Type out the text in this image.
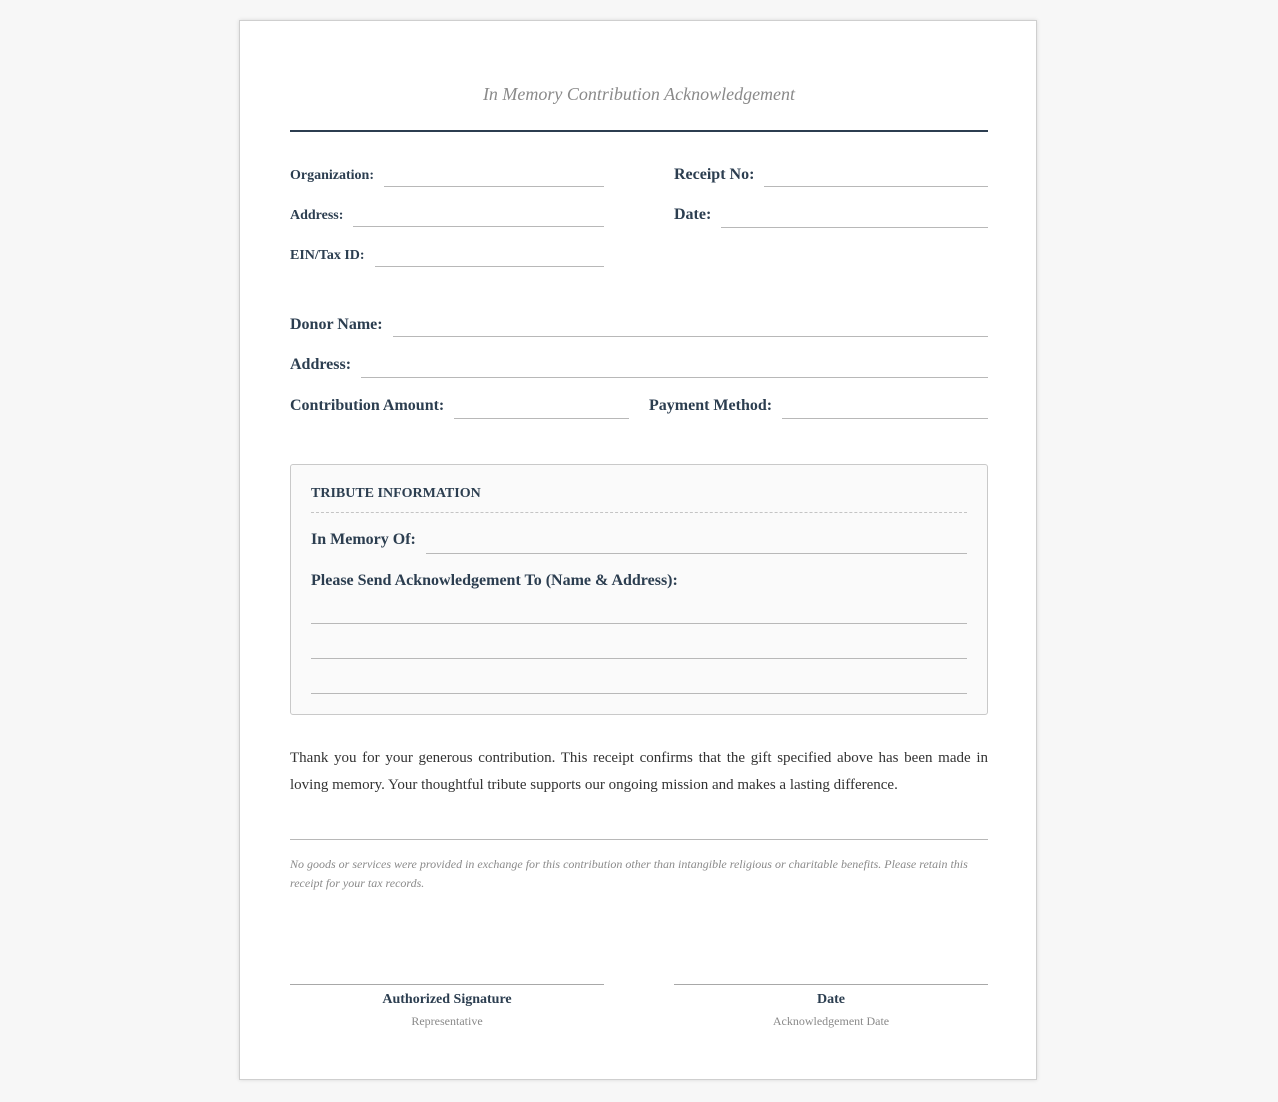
In Memory Contribution Acknowledgement
Organization:
Address:
EIN/Tax ID:
Receipt No:
Date:
Donor Name:
Address:
Contribution Amount:	Payment Method:
TRIBUTE INFORMATION
In Memory Of:
Please Send Acknowledgement To (Name & Address):
Thank you for your generous contribution. This receipt confirms that the gift specified above has been made in loving memory. Your thoughtful tribute supports our ongoing mission and makes a lasting difference.
No goods or services were provided in exchange for this contribution other than intangible religious or charitable benefits. Please retain this receipt for your tax records.
Authorized Signature
Representative
Date
Acknowledgement Date
